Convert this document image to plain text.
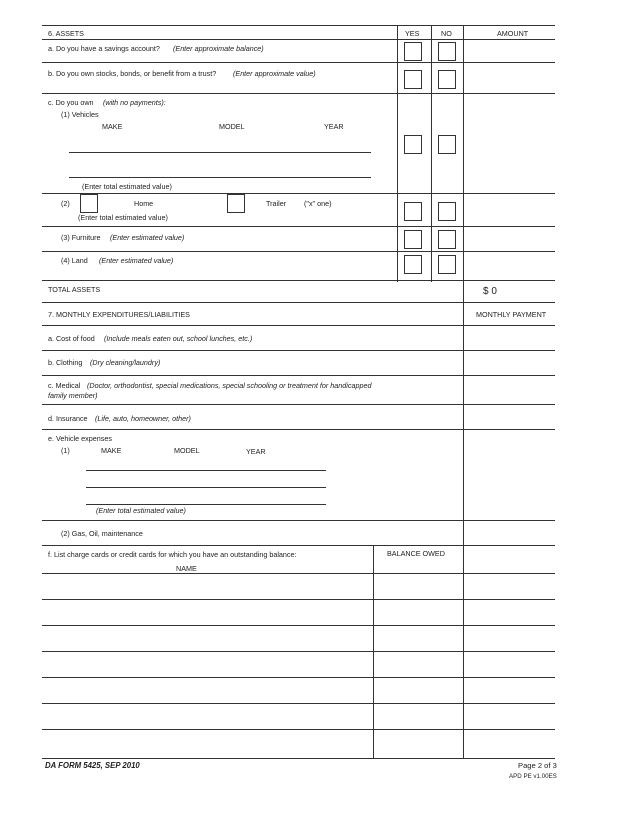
6. ASSETS	YES	NO	AMOUNT
a. Do you have a savings account? (Enter approximate balance)
b. Do you own stocks, bonds, or benefit from a trust? (Enter approximate value)
c. Do you own (with no payments):
(1) Vehicles
MAKE	MODEL	YEAR
(Enter total estimated value)
(2)	Home	Trailer ("x" one)
(Enter total estimated value)
(3) Furniture (Enter estimated value)
(4) Land (Enter estimated value)
TOTAL ASSETS	$ 0
7. MONTHLY EXPENDITURES/LIABILITIES	MONTHLY PAYMENT
a. Cost of food (Include meals eaten out, school lunches, etc.)
b. Clothing (Dry cleaning/laundry)
c. Medical (Doctor, orthodontist, special medications, special schooling or treatment for handicapped
family member)
d. Insurance (Life, auto, homeowner, other)
e. Vehicle expenses
(1)	MAKE	MODEL	YEAR
(Enter total estimated value)
(2) Gas, Oil, maintenance
f. List charge cards or credit cards for which you have an outstanding balance:	BALANCE OWED
NAME
DA FORM 5425, SEP 2010	Page 2 of 3
APD PE v1.00ES
